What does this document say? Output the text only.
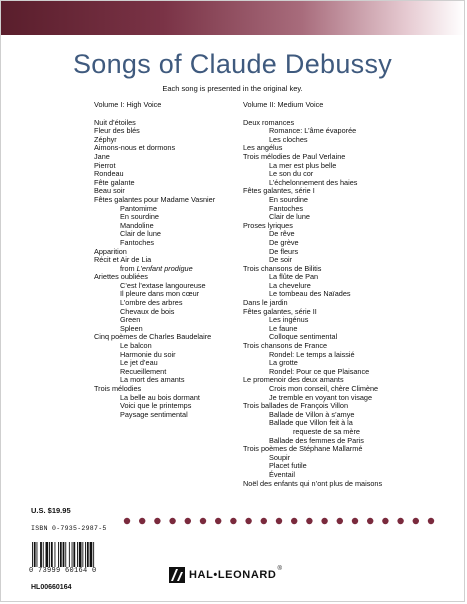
Songs of Claude Debussy
Each song is presented in the original key.
Volume I: High Voice
Nuit d’étoiles
Fleur des blés
Zéphyr
Aimons-nous et dormons
Jane
Pierrot
Rondeau
Fête galante
Beau soir
Fêtes galantes pour Madame Vasnier
Pantomime
En sourdine
Mandoline
Clair de lune
Fantoches
Apparition
Récit et Air de Lia
from L’enfant prodigue
Ariettes oubliées
C’est l’extase langoureuse
Il pleure dans mon cœur
L’ombre des arbres
Chevaux de bois
Green
Spleen
Cinq poèmes de Charles Baudelaire
Le balcon
Harmonie du soir
Le jet d’eau
Recueillement
La mort des amants
Trois mélodies
La belle au bois dormant
Voici que le printemps
Paysage sentimental
Volume II: Medium Voice
Deux romances
Romance: L’âme évaporée
Les cloches
Les angélus
Trois mélodies de Paul Verlaine
La mer est plus belle
Le son du cor
L’échelonnement des haies
Fêtes galantes, série I
En sourdine
Fantoches
Clair de lune
Proses lyriques
De rêve
De grève
De fleurs
De soir
Trois chansons de Bilitis
La flûte de Pan
La chevelure
Le tombeau des Naïades
Dans le jardin
Fêtes galantes, série II
Les ingénus
Le faune
Colloque sentimental
Trois chansons de France
Rondel: Le temps a laissié
La grotte
Rondel: Pour ce que Plaisance
Le promenoir des deux amants
Crois mon conseil, chère Climène
Je tremble en voyant ton visage
Trois ballades de François Villon
Ballade de Villon à s’amye
Ballade que Villon feit à la
requeste de sa mère
Ballade des femmes de Paris
Trois poèmes de Stéphane Mallarmé
Soupir
Placet futile
Éventail
Noël des enfants qui n’ont plus de maisons
U.S. $19.95
ISBN 0-7935-2987-5
0 73999 60164 0
HL00660164
HAL•LEONARD ®
